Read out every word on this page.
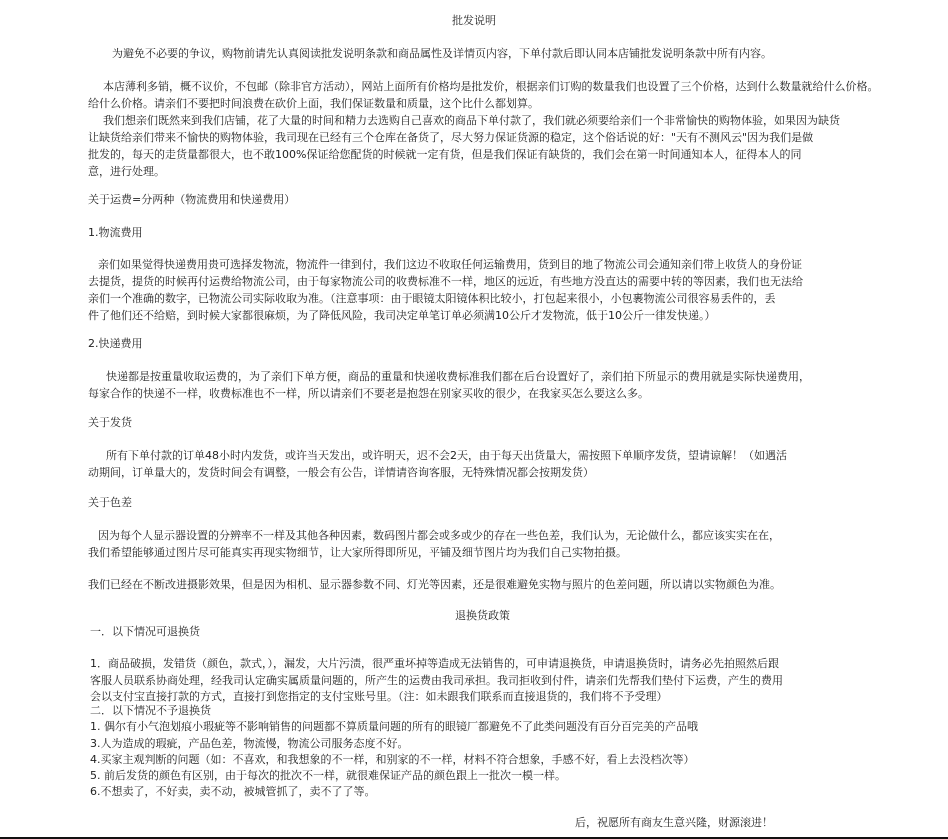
批发说明
为避免不必要的争议，购物前请先认真阅读批发说明条款和商品属性及详情页内容，下单付款后即认同本店铺批发说明条款中所有内容。
本店薄利多销，概不议价，不包邮（除非官方活动），网站上面所有价格均是批发价，根据亲们订购的数量我们也设置了三个价格，达到什么数量就给什么价格。
给什么价格。请亲们不要把时间浪费在砍价上面，我们保证数量和质量，这个比什么都划算。
我们想亲们既然来到我们店铺，花了大量的时间和精力去选购自己喜欢的商品下单付款了，我们就必须要给亲们一个非常愉快的购物体验，如果因为缺货
让缺货给亲们带来不愉快的购物体验，我司现在已经有三个仓库在备货了，尽大努力保证货源的稳定，这个俗话说的好："天有不测风云"因为我们是做
批发的，每天的走货量都很大，也不敢100%保证给您配货的时候就一定有货，但是我们保证有缺货的，我们会在第一时间通知本人，征得本人的同
意，进行处理。
关于运费=分两种（物流费用和快递费用）
1.物流费用
亲们如果觉得快递费用贵可选择发物流，物流件一律到付，我们这边不收取任何运输费用，货到目的地了物流公司会通知亲们带上收货人的身份证
去提货，提货的时候再付运费给物流公司，由于每家物流公司的收费标准不一样，地区的远近，有些地方没直达的需要中转的等因素，我们也无法给
亲们一个准确的数字，已物流公司实际收取为准。（注意事项：由于眼镜太阳镜体积比较小，打包起来很小，小包裹物流公司很容易丢件的，丢
件了他们还不给赔，到时候大家都很麻烦，为了降低风险，我司决定单笔订单必须满10公斤才发物流，低于10公斤一律发快递。）
2.快递费用
快递都是按重量收取运费的，为了亲们下单方便，商品的重量和快递收费标准我们都在后台设置好了，亲们拍下所显示的费用就是实际快递费用，
每家合作的快递不一样，收费标准也不一样，所以请亲们不要老是抱怨在别家买收的很少，在我家买怎么要这么多。
关于发货
所有下单付款的订单48小时内发货，或许当天发出，或许明天，迟不会2天，由于每天出货量大，需按照下单顺序发货，望请谅解！（如遇活
动期间，订单量大的，发货时间会有调整，一般会有公告，详情请咨询客服，无特殊情况都会按期发货）
关于色差
因为每个人显示器设置的分辨率不一样及其他各种因素，数码图片都会或多或少的存在一些色差，我们认为，无论做什么，都应该实实在在，
我们希望能够通过图片尽可能真实再现实物细节，让大家所得即所见，平铺及细节图片均为我们自己实物拍摄。
我们已经在不断改进摄影效果，但是因为相机、显示器参数不同、灯光等因素，还是很难避免实物与照片的色差问题，所以请以实物颜色为准。
退换货政策
一．以下情况可退换货
1．商品破损，发错货（颜色，款式，），漏发，大片污渍，很严重坏掉等造成无法销售的，可申请退换货，申请退换货时，请务必先拍照然后跟
客服人员联系协商处理，经我司认定确实属质量问题的，所产生的运费由我司承担。我司拒收到付件，请亲们先帮我们垫付下运费，产生的费用
会以支付宝直接打款的方式，直接打到您指定的支付宝账号里。（注：如未跟我们联系而直接退货的，我们将不予受理）
二．以下情况不予退换货
1. 偶尔有小气泡划痕小瑕疵等不影响销售的问题都不算质量问题的所有的眼镜厂都避免不了此类问题没有百分百完美的产品哦
3.人为造成的瑕疵，产品色差，物流慢，物流公司服务态度不好。
4.买家主观判断的问题（如：不喜欢，和我想象的不一样，和别家的不一样，材料不符合想象，手感不好，看上去没档次等）
5. 前后发货的颜色有区别，由于每次的批次不一样，就很难保证产品的颜色跟上一批次一模一样。
6.不想卖了，不好卖，卖不动，被城管抓了，卖不了了等。
后，祝愿所有商友生意兴隆，财源滚进！
